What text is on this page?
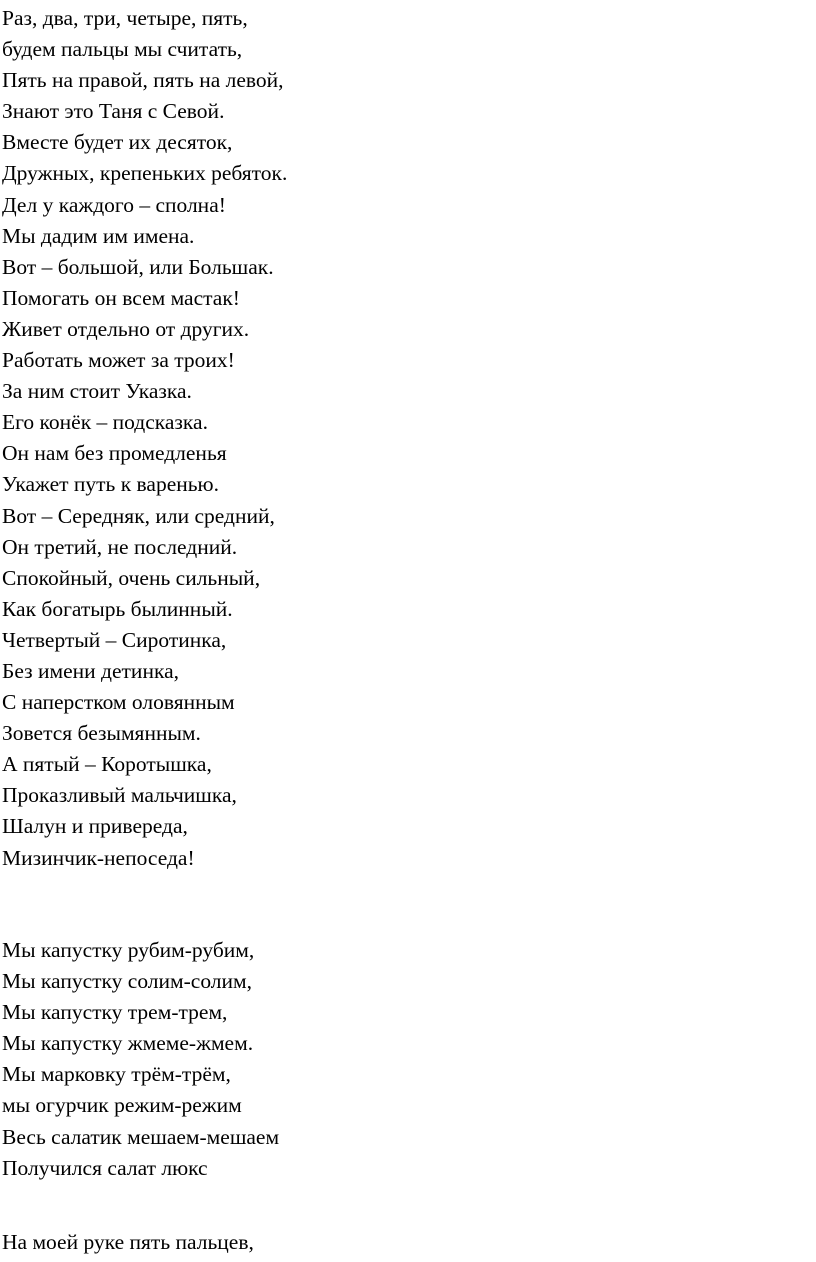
Раз, два, три, четыре, пять,
будем пальцы мы считать,
Пять на правой, пять на левой,
Знают это Таня с Севой.
Вместе будет их десяток,
Дружных, крепеньких ребяток.
Дел у каждого – сполна!
Мы дадим им имена.
Вот – большой, или Большак.
Помогать он всем мастак!
Живет отдельно от других.
Работать может за троих!
За ним стоит Указка.
Его конёк – подсказка.
Он нам без промедленья
Укажет путь к варенью.
Вот – Середняк, или средний,
Он третий, не последний.
Спокойный, очень сильный,
Как богатырь былинный.
Четвертый – Сиротинка,
Без имени детинка,
С наперстком оловянным
Зовется безымянным.
А пятый – Коротышка,
Проказливый мальчишка,
Шалун и привереда,
Мизинчик-непоседа!
Мы капустку рубим-рубим,
Мы капустку солим-солим,
Мы капустку трем-трем,
Мы капустку жмеме-жмем.
Мы марковку трём-трём,
мы огурчик режим-режим
Весь салатик мешаем-мешаем
Получился салат люкс
На моей руке пять пальцев,
